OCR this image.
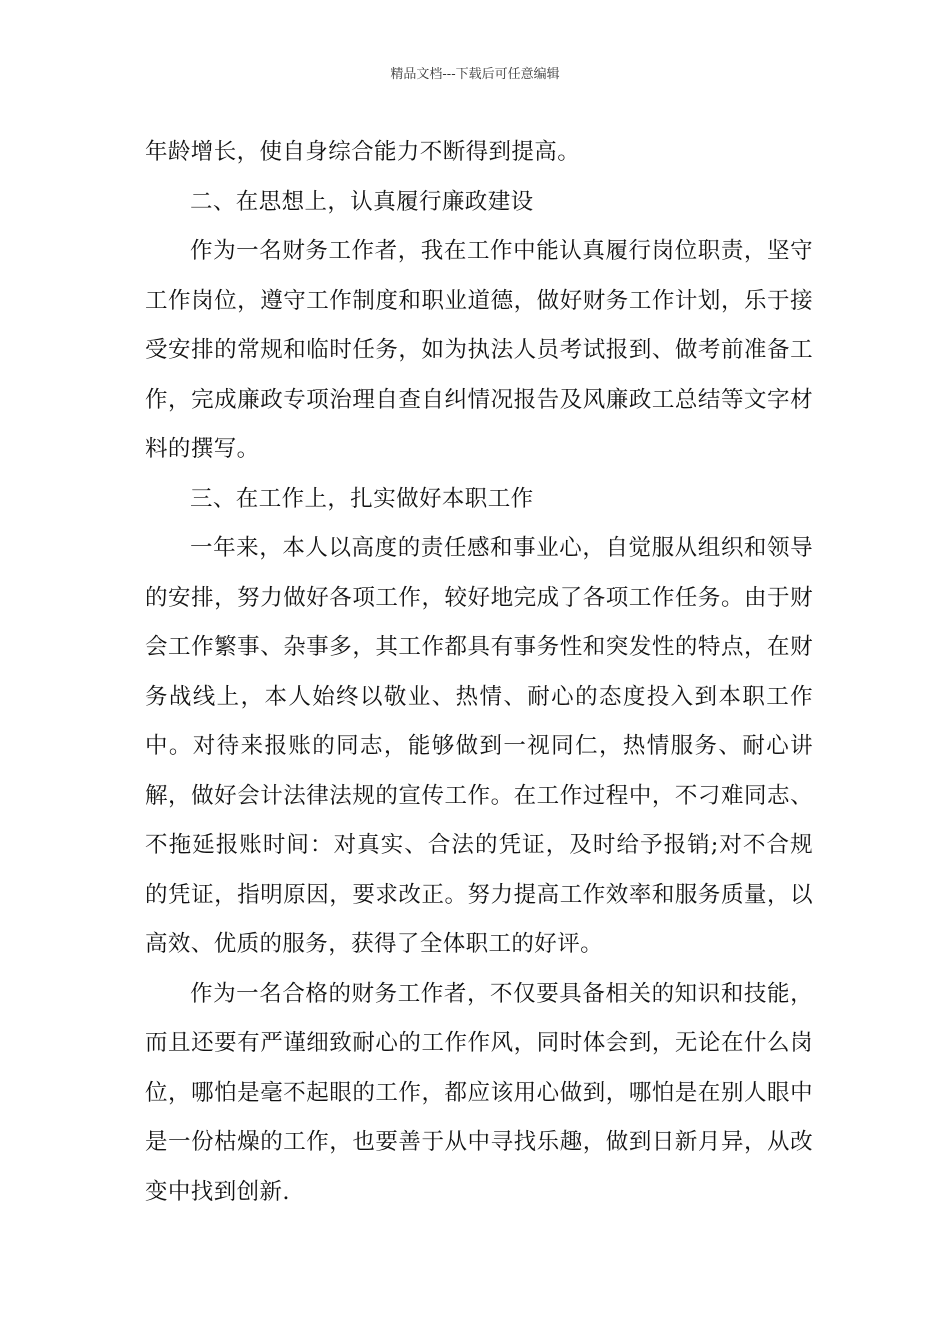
精品文档---下载后可任意编辑

年龄增长，使自身综合能力不断得到提高。

二、在思想上，认真履行廉政建设

作为一名财务工作者，我在工作中能认真履行岗位职责，坚守工作岗位，遵守工作制度和职业道德，做好财务工作计划，乐于接受安排的常规和临时任务，如为执法人员考试报到、做考前准备工作，完成廉政专项治理自查自纠情况报告及风廉政工总结等文字材料的撰写。

三、在工作上，扎实做好本职工作

一年来，本人以高度的责任感和事业心，自觉服从组织和领导的安排，努力做好各项工作，较好地完成了各项工作任务。由于财会工作繁事、杂事多，其工作都具有事务性和突发性的特点，在财务战线上，本人始终以敬业、热情、耐心的态度投入到本职工作中。对待来报账的同志，能够做到一视同仁，热情服务、耐心讲解，做好会计法律法规的宣传工作。在工作过程中，不刁难同志、不拖延报账时间：对真实、合法的凭证，及时给予报销;对不合规的凭证，指明原因，要求改正。努力提高工作效率和服务质量，以高效、优质的服务，获得了全体职工的好评。

作为一名合格的财务工作者，不仅要具备相关的知识和技能，而且还要有严谨细致耐心的工作作风，同时体会到，无论在什么岗位，哪怕是毫不起眼的工作，都应该用心做到，哪怕是在别人眼中是一份枯燥的工作，也要善于从中寻找乐趣，做到日新月异，从改变中找到创新.
